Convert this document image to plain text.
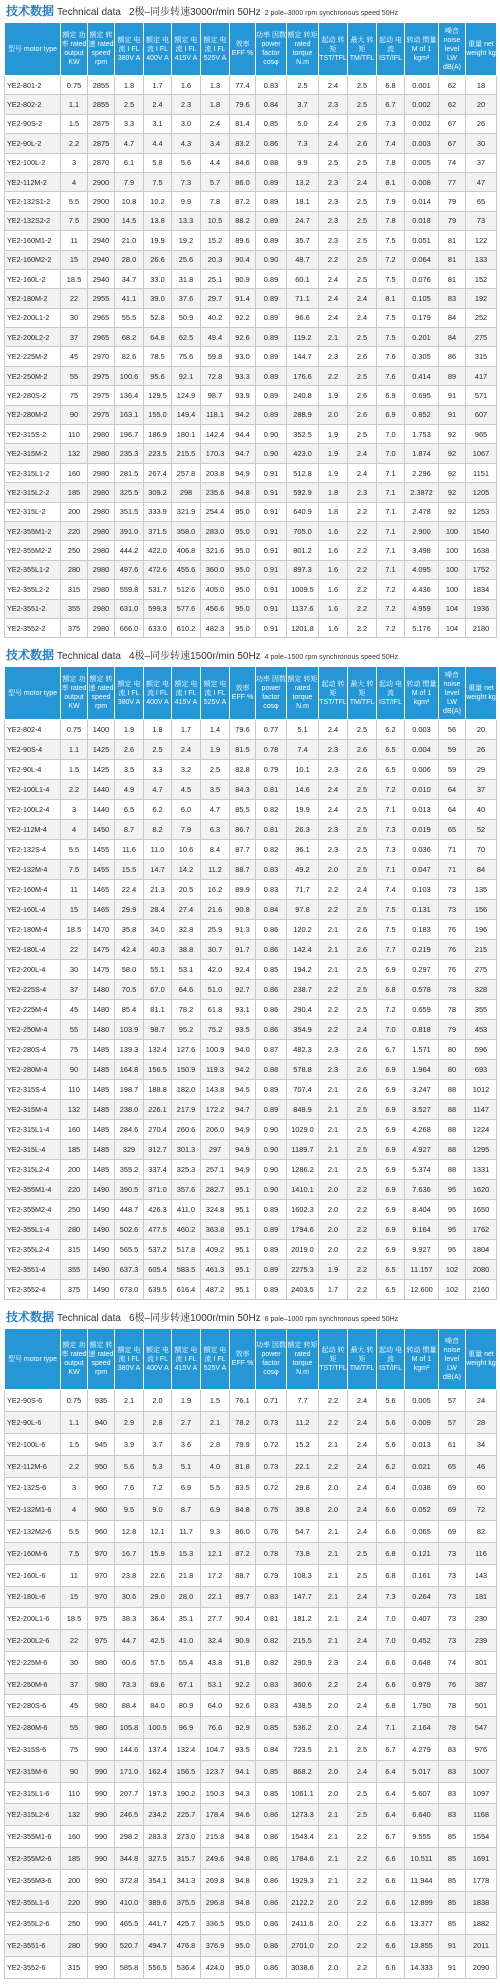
技术数据 Technical data 2极–同步转速3000r/min 50Hz 2 pole–3000 rpm synchronous speed 50Hz
型号 motor type	额定 功率 rated output KW	额定 转速 rated speed rpm	额定 电流 I FL 380V A	额定 电流 I FL 400V A	额定 电流 I FL 415V A	额定 电流 I FL 525V A	效率 EFF %	功率 因数 power factor cosφ	额定 转矩 rated torque N.m	起动 转矩 TST/TFL	最大 转矩 TM/TFL	起动 电流 IST/IFL	转动 惯量 M of 1 kgm²	噪音 noise level LW dB(A)	重量 net weight kg
YE2-801-2	0.75	2855	1.8	1.7	1.6	1.3	77.4	0.83	2.5	2.4	2.5	6.8	0.001	62	18
YE2-802-2	1.1	2855	2.5	2.4	2.3	1.8	79.6	0.84	3.7	2.3	2.5	6.7	0.002	62	20
YE2-90S-2	1.5	2875	3.3	3.1	3.0	2.4	81.4	0.85	5.0	2.4	2.6	7.3	0.002	67	26
YE2-90L-2	2.2	2875	4.7	4.4	4.3	3.4	83.2	0.86	7.3	2.4	2.6	7.4	0.003	67	30
YE2-100L-2	3	2870	6.1	5.8	5.6	4.4	84.6	0.88	9.9	2.5	2.5	7.8	0.005	74	37
YE2-112M-2	4	2900	7.9	7.5	7.3	5.7	86.0	0.89	13.2	2.3	2.4	8.1	0.008	77	47
YE2-132S1-2	5.5	2900	10.8	10.2	9.9	7.8	87.2	0.89	18.1	2.3	2.5	7.9	0.014	79	65
YE2-132S2-2	7.5	2900	14.5	13.8	13.3	10.5	88.2	0.89	24.7	2.3	2.5	7.8	0.018	79	73
YE2-160M1-2	11	2940	21.0	19.9	19.2	15.2	89.6	0.89	35.7	2.3	2.5	7.5	0.051	81	122
YE2-160M2-2	15	2940	28.0	26.6	25.6	20.3	90.4	0.90	48.7	2.2	2.5	7.2	0.064	81	133
YE2-160L-2	18.5	2940	34.7	33.0	31.8	25.1	90.9	0.89	60.1	2.4	2.5	7.5	0.076	81	152
YE2-180M-2	22	2955	41.1	39.0	37.6	29.7	91.4	0.89	71.1	2.4	2.4	8.1	0.105	83	192
YE2-200L1-2	30	2965	55.5	52.8	50.9	40.2	92.2	0.89	96.6	2.4	2.4	7.5	0.179	84	252
YE2-200L2-2	37	2965	68.2	64.8	62.5	49.4	92.6	0.89	119.2	2.1	2.5	7.5	0.201	84	275
YE2-225M-2	45	2970	82.6	78.5	75.6	59.8	93.0	0.89	144.7	2.3	2.6	7.6	0.305	86	315
YE2-250M-2	55	2975	100.6	95.6	92.1	72.8	93.3	0.89	176.6	2.2	2.5	7.6	0.414	89	417
YE2-280S-2	75	2975	136.4	129.5	124.9	98.7	93.9	0.89	240.8	1.9	2.6	6.9	0.695	91	571
YE2-280M-2	90	2975	163.1	155.0	149.4	118.1	94.2	0.89	288.9	2.0	2.6	6.9	0.852	91	607
YE2-315S-2	110	2980	196.7	186.9	180.1	142.4	94.4	0.90	352.5	1.9	2.5	7.0	1.753	92	965
YE2-315M-2	132	2980	235.3	223.5	215.5	170.3	94.7	0.90	423.0	1.9	2.4	7.0	1.874	92	1067
YE2-315L1-2	160	2980	281.5	267.4	257.8	203.8	94.9	0.91	512.8	1.9	2.4	7.1	2.296	92	1151
YE2-315L2-2	185	2980	325.5	309.2	298	235.6	94.8	0.91	592.9	1.8	2.3	7.1	2.3872	92	1205
YE2-315L-2	200	2980	351.5	333.9	321.9	254.4	95.0	0.91	640.9	1.8	2.2	7.1	2.478	92	1253
YE2-355M1-2	220	2980	391.0	371.5	358.0	283.0	95.0	0.91	705.0	1.6	2.2	7.1	2.900	100	1540
YE2-355M2-2	250	2980	444.2	422.0	406.8	321.6	95.0	0.91	801.2	1.6	2.2	7.1	3.498	100	1638
YE2-355L1-2	280	2980	497.6	472.6	455.6	360.0	95.0	0.91	897.3	1.6	2.2	7.1	4.095	100	1752
YE2-355L2-2	315	2980	559.8	531.7	512.6	405.0	95.0	0.91	1009.5	1.6	2.2	7.2	4.436	100	1834
YE2-3551-2	355	2980	631.0	599.3	577.6	456.6	95.0	0.91	1137.6	1.6	2.2	7.2	4.959	104	1936
YE2-3552-2	375	2980	666.0	633.0	610.2	482.3	95.0	0.91	1201.8	1.6	2.2	7.2	5.176	104	2180
技术数据 Technical data 4极–同步转速1500r/min 50Hz 4 pole–1500 rpm synchronous speed 50Hz
型号 motor type	额定 功率 rated output KW	额定 转速 rated speed rpm	额定 电流 I FL 380V A	额定 电流 I FL 400V A	额定 电流 I FL 415V A	额定 电流 I FL 525V A	效率 EFF %	功率 因数 power factor cosφ	额定 转矩 rated torque N.m	起动 转矩 TST/TFL	最大 转矩 TM/TFL	起动 电流 IST/IFL	转动 惯量 M of 1 kgm²	噪音 noise level LW dB(A)	重量 net weight kg
YE2-802-4	0.75	1400	1.9	1.8	1.7	1.4	79.6	0.77	5.1	2.4	2.5	6.2	0.003	56	20
YE2-90S-4	1.1	1425	2.6	2.5	2.4	1.9	81.5	0.78	7.4	2.3	2.6	6.5	0.004	59	26
YE2-90L-4	1.5	1425	3.5	3.3	3.2	2.5	82.8	0.79	10.1	2.3	2.6	6.5	0.006	59	29
YE2-100L1-4	2.2	1440	4.9	4.7	4.5	3.5	84.3	0.81	14.6	2.4	2.5	7.2	0.010	64	37
YE2-100L2-4	3	1440	6.5	6.2	6.0	4.7	85.5	0.82	19.9	2.4	2.5	7.1	0.013	64	40
YE2-112M-4	4	1450	8.7	8.2	7.9	6.3	86.7	0.81	26.3	2.3	2.5	7.3	0.019	65	52
YE2-132S-4	5.5	1455	11.6	11.0	10.6	8.4	87.7	0.82	36.1	2.3	2.5	7.3	0.036	71	70
YE2-132M-4	7.5	1455	15.5	14.7	14.2	11.2	88.7	0.83	49.2	2.0	2.5	7.1	0.047	71	84
YE2-160M-4	11	1465	22.4	21.3	20.5	16.2	89.9	0.83	71.7	2.2	2.4	7.4	0.103	73	135
YE2-160L-4	15	1465	29.9	28.4	27.4	21.6	90.8	0.84	97.8	2.2	2.5	7.5	0.131	73	156
YE2-180M-4	18.5	1470	35.8	34.0	32.8	25.9	91.3	0.86	120.2	2.1	2.6	7.5	0.183	76	196
YE2-180L-4	22	1475	42.4	40.3	38.8	30.7	91.7	0.86	142.4	2.1	2.6	7.7	0.219	76	215
YE2-200L-4	30	1475	58.0	55.1	53.1	42.0	92.4	0.85	194.2	2.1	2.5	6.9	0.297	76	275
YE2-225S-4	37	1480	70.5	67.0	64.6	51.0	92.7	0.86	238.7	2.2	2.5	6.8	0.578	78	328
YE2-225M-4	45	1480	85.4	81.1	78.2	61.8	93.1	0.86	290.4	2.2	2.5	7.2	0.659	78	355
YE2-250M-4	55	1480	103.9	98.7	95.2	75.2	93.5	0.86	354.9	2.2	2.4	7.0	0.818	79	453
YE2-280S-4	75	1485	139.3	132.4	127.6	100.9	94.0	0.87	482.3	2.3	2.6	6.7	1.571	80	596
YE2-280M-4	90	1485	164.8	156.5	150.9	119.3	94.2	0.88	578.8	2.3	2.6	6.9	1.964	80	693
YE2-315S-4	110	1485	198.7	188.8	182.0	143.8	94.5	0.89	707.4	2.1	2.6	6.9	3.247	88	1012
YE2-315M-4	132	1485	238.0	226.1	217.9	172.2	94.7	0.89	848.9	2.1	2.5	6.9	3.527	88	1147
YE2-315L1-4	160	1485	284.6	270.4	260.6	206.0	94.9	0.90	1029.0	2.1	2.5	6.9	4.268	88	1224
YE2-315L-4	185	1485	329	312.7	301.3	297	94.9	0.90	1189.7	2.1	2.5	6.9	4.927	88	1295
YE2-315L2-4	200	1485	355.2	337.4	325.3	257.1	94.9	0.90	1286.2	2.1	2.5	6.9	5.374	88	1331
YE2-355M1-4	220	1490	390.5	371.0	357.6	282.7	95.1	0.90	1410.1	2.0	2.2	6.9	7.636	95	1620
YE2-355M2-4	250	1490	448.7	426.3	411.0	324.8	95.1	0.89	1602.3	2.0	2.2	6.9	8.404	95	1650
YE2-355L1-4	280	1490	502.6	477.5	460.2	363.8	95.1	0.89	1794.6	2.0	2.2	6.9	9.164	95	1762
YE2-355L2-4	315	1490	565.5	537.2	517.8	409.2	95.1	0.89	2019.0	2.0	2.2	6.9	9.927	95	1804
YE2-3551-4	355	1490	637.3	605.4	583.5	461.3	95.1	0.89	2275.3	1.9	2.2	6.5	11.157	102	2080
YE2-3552-4	375	1490	673.0	639.5	616.4	487.2	95.1	0.89	2403.5	1.7	2.2	6.5	12.600	102	2160
技术数据 Technical data 6极–同步转速1000r/min 50Hz 6 pole–1000 rpm synchronous speed 50Hz
型号 motor type	额定 功率 rated output KW	额定 转速 rated speed rpm	额定 电流 I FL 380V A	额定 电流 I FL 400V A	额定 电流 I FL 415V A	额定 电流 I FL 525V A	效率 EFF %	功率 因数 power factor cosφ	额定 转矩 rated torque N.m	起动 转矩 TST/TFL	最大 转矩 TM/TFL	起动 电流 IST/IFL	转动 惯量 M of 1 kgm²	噪音 noise level LW dB(A)	重量 net weight kg
YE2-90S-6	0.75	935	2.1	2.0	1.9	1.5	76.1	0.71	7.7	2.2	2.4	5.6	0.005	57	24
YE2-90L-6	1.1	940	2.9	2.8	2.7	2.1	78.2	0.73	11.2	2.2	2.4	5.6	0.009	57	28
YE2-100L-6	1.5	945	3.9	3.7	3.6	2.8	79.9	0.72	15.2	2.1	2.4	5.6	0.013	61	34
YE2-112M-6	2.2	950	5.6	5.3	5.1	4.0	81.8	0.73	22.1	2.2	2.4	6.2	0.021	65	46
YE2-132S-6	3	960	7.6	7.2	6.9	5.5	83.5	0.72	29.8	2.0	2.4	6.4	0.038	69	60
YE2-132M1-6	4	960	9.5	9.0	8.7	6.9	84.8	0.75	39.8	2.0	2.4	6.6	0.052	69	72
YE2-132M2-6	5.5	960	12.8	12.1	11.7	9.3	86.0	0.76	54.7	2.1	2.4	6.6	0.065	69	82
YE2-160M-6	7.5	970	16.7	15.9	15.3	12.1	87.2	0.78	73.8	2.1	2.5	6.8	0.121	73	116
YE2-160L-6	11	970	23.8	22.6	21.8	17.2	88.7	0.79	108.3	2.1	2.5	6.8	0.161	73	143
YE2-180L-6	15	970	30.6	29.0	28.0	22.1	89.7	0.83	147.7	2.1	2.4	7.3	0.264	73	181
YE2-200L1-6	18.5	975	38.3	36.4	35.1	27.7	90.4	0.81	181.2	2.1	2.4	7.0	0.407	73	230
YE2-200L2-6	22	975	44.7	42.5	41.0	32.4	90.9	0.82	215.5	2.1	2.4	7.0	0.452	73	239
YE2-225M-6	30	980	60.6	57.5	55.4	43.8	91.8	0.82	290.9	2.3	2.4	6.6	0.648	74	301
YE2-250M-6	37	980	73.3	69.6	67.1	53.1	92.2	0.83	360.6	2.2	2.4	6.6	0.979	76	387
YE2-280S-6	45	980	88.4	84.0	80.9	64.0	92.6	0.83	438.5	2.0	2.4	6.8	1.790	78	501
YE2-280M-6	55	980	105.8	100.5	96.9	76.6	92.9	0.85	536.2	2.0	2.4	7.1	2.164	78	547
YE2-315S-6	75	990	144.6	137.4	132.4	104.7	93.5	0.84	723.5	2.1	2.5	6.7	4.279	83	976
YE2-315M-6	90	990	171.0	162.4	156.5	123.7	94.1	0.85	868.2	2.0	2.4	6.4	5.017	83	1007
YE2-315L1-6	110	990	207.7	197.3	190.2	150.3	94.3	0.85	1061.1	2.0	2.5	6.4	5.607	83	1097
YE2-315L2-6	132	990	246.5	234.2	225.7	178.4	94.6	0.86	1273.3	2.1	2.5	6.4	6.640	83	1168
YE2-355M1-6	160	990	298.2	283.3	273.0	215.8	94.8	0.86	1543.4	2.1	2.2	6.7	9.555	85	1554
YE2-355M2-6	185	990	344.8	327.5	315.7	249.6	94.8	0.86	1784.6	2.1	2.2	6.6	10.511	85	1691
YE2-355M3-6	200	990	372.8	354.1	341.3	269.8	94.8	0.86	1929.3	2.1	2.2	6.6	11.944	85	1778
YE2-355L1-6	220	990	410.0	389.6	375.5	296.8	94.8	0.86	2122.2	2.0	2.2	6.6	12.899	85	1838
YE2-355L2-6	250	990	465.5	441.7	425.7	336.5	95.0	0.86	2411.6	2.0	2.2	6.6	13.377	85	1882
YE2-3551-6	280	990	520.7	494.7	476.8	376.9	95.0	0.86	2701.0	2.0	2.2	6.6	13.855	91	2011
YE2-3552-6	315	990	585.8	556.5	536.4	424.0	95.0	0.86	3038.6	2.0	2.2	6.6	14.333	91	2090
